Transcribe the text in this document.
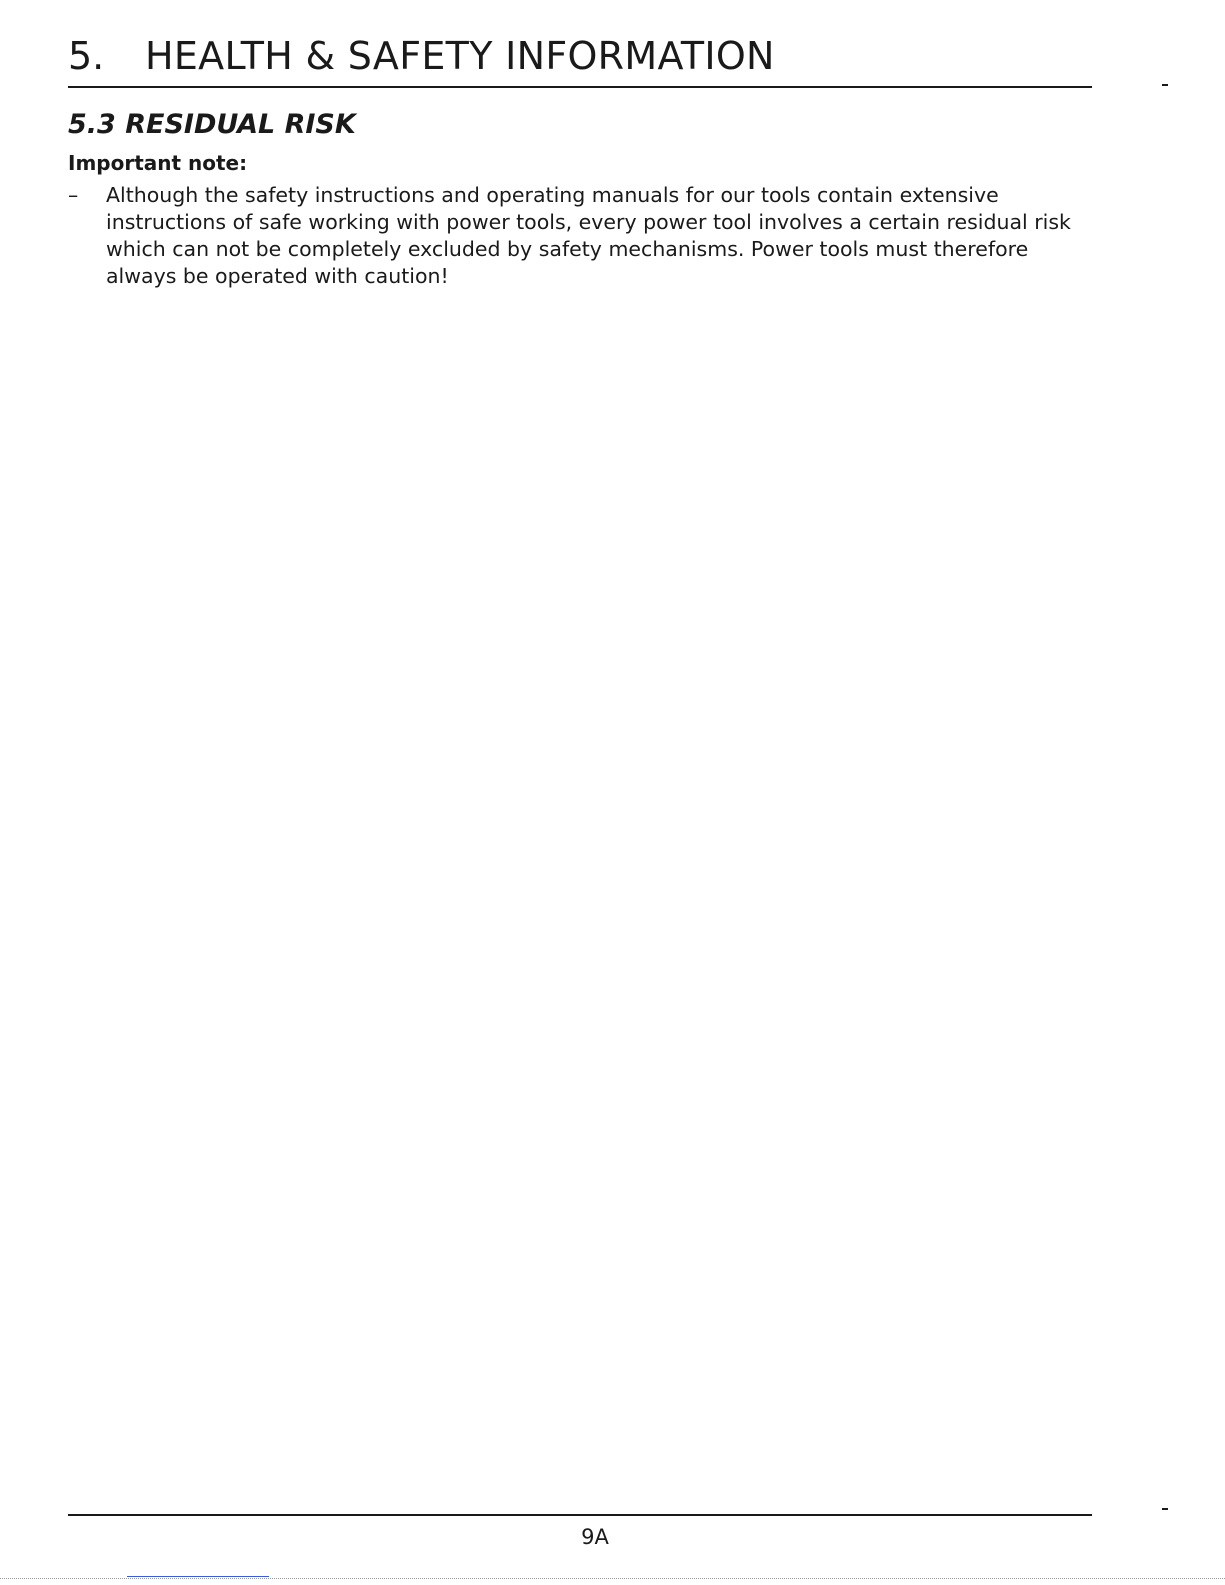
5. HEALTH & SAFETY INFORMATION
5.3 RESIDUAL RISK
Important note:
– Although the safety instructions and operating manuals for our tools contain extensive instructions of safe working with power tools, every power tool involves a certain residual risk which can not be completely excluded by safety mechanisms. Power tools must therefore always be operated with caution!
9A
